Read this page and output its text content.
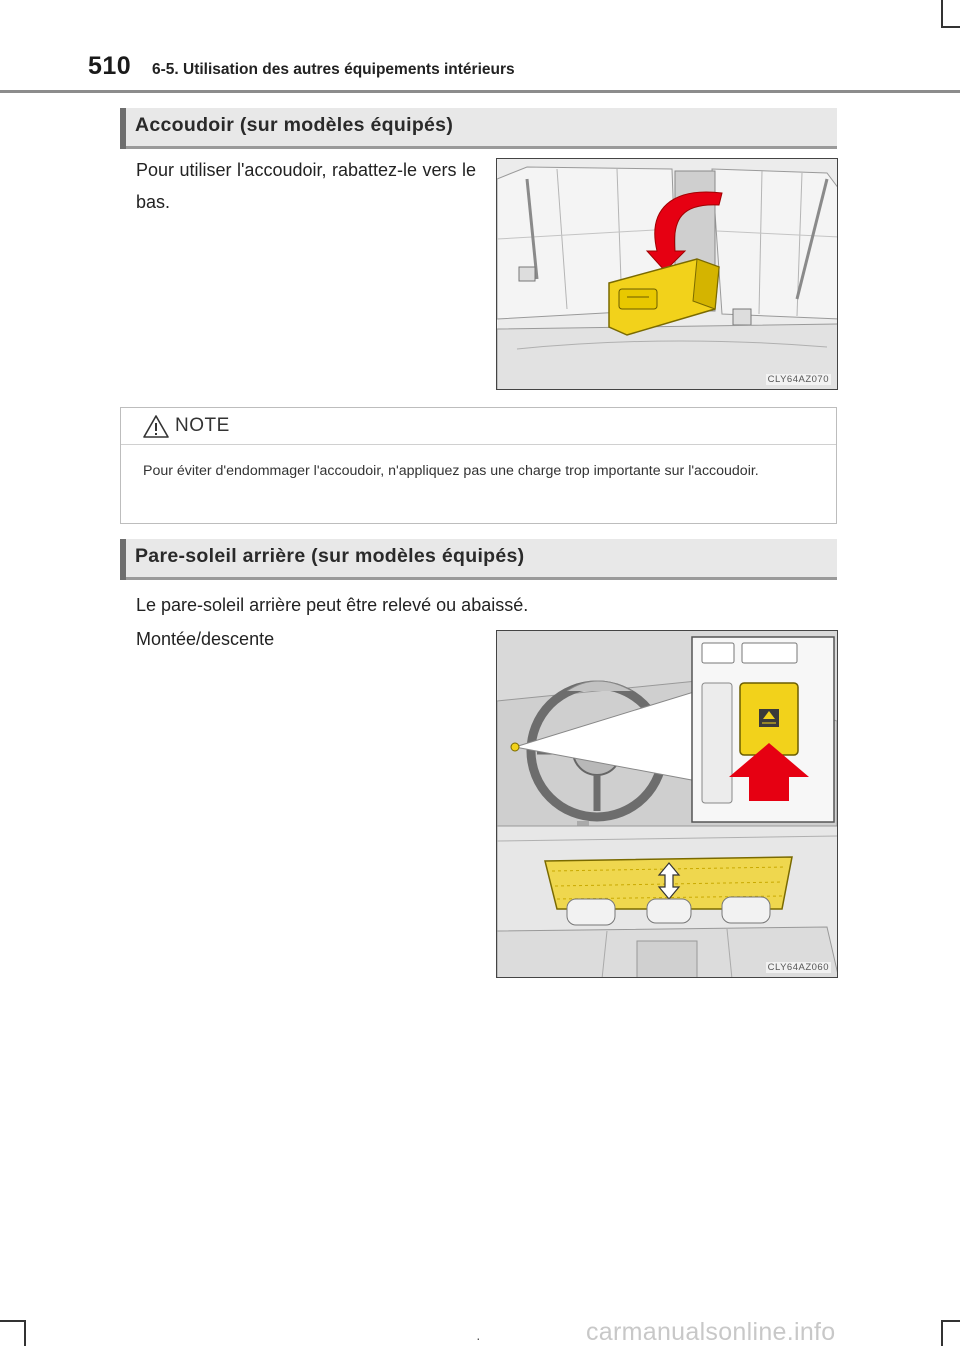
510 6-5. Utilisation des autres équipements intérieurs
·
Accoudoir (sur modèles équipés)
Pour utiliser l'accoudoir, rabattez-le vers le bas.
CLY64AZ070
NOTE
Pour éviter d'endommager l'accoudoir, n'appliquez pas une charge trop importante sur l'accoudoir.
Pare-soleil arrière (sur modèles équipés)
Le pare-soleil arrière peut être relevé ou abaissé.
Montée/descente
CLY64AZ060
carmanualsonline.info
